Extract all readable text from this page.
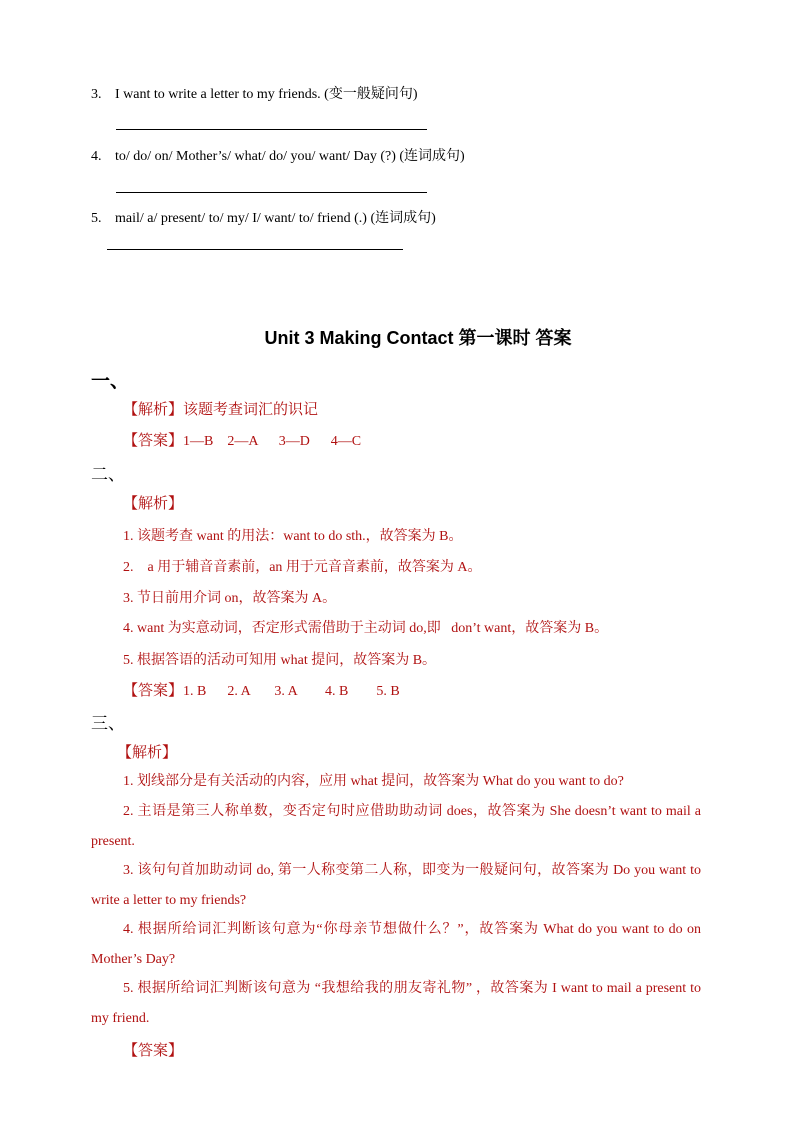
3. I want to write a letter to my friends. (变一般疑问句)
4. to/ do/ on/ Mother’s/ what/ do/ you/ want/ Day (?) (连词成句)
5. mail/ a/ present/ to/ my/ I/ want/ to/ friend (.) (连词成句)
Unit 3 Making Contact 第一课时 答案
一、
【解析】该题考查词汇的识记
【答案】1—B    2—A      3—D      4—C
二、
【解析】
1. 该题考查 want 的用法：want to do sth.，故答案为 B。
2.    a 用于辅音音素前，an 用于元音音素前，故答案为 A。
3. 节日前用介词 on，故答案为 A。
4. want 为实意动词，否定形式需借助于主动词 do,即   don’t want，故答案为 B。
5. 根据答语的活动可知用 what 提问，故答案为 B。
【答案】1. B      2. A       3. A        4. B        5. B
三、
【解析】
1. 划线部分是有关活动的内容，应用 what 提问，故答案为 What do you want to do?
2. 主语是第三人称单数，变否定句时应借助助动词 does，故答案为 She doesn’t want to mail a present.
3. 该句句首加助动词 do, 第一人称变第二人称，即变为一般疑问句，故答案为 Do you want to write a letter to my friends?
4. 根据所给词汇判断该句意为“你母亲节想做什么？”，故答案为 What do you want to do on Mother’s Day?
5. 根据所给词汇判断该句意为 “我想给我的朋友寄礼物” ，故答案为 I want to mail a present to my friend.
【答案】
